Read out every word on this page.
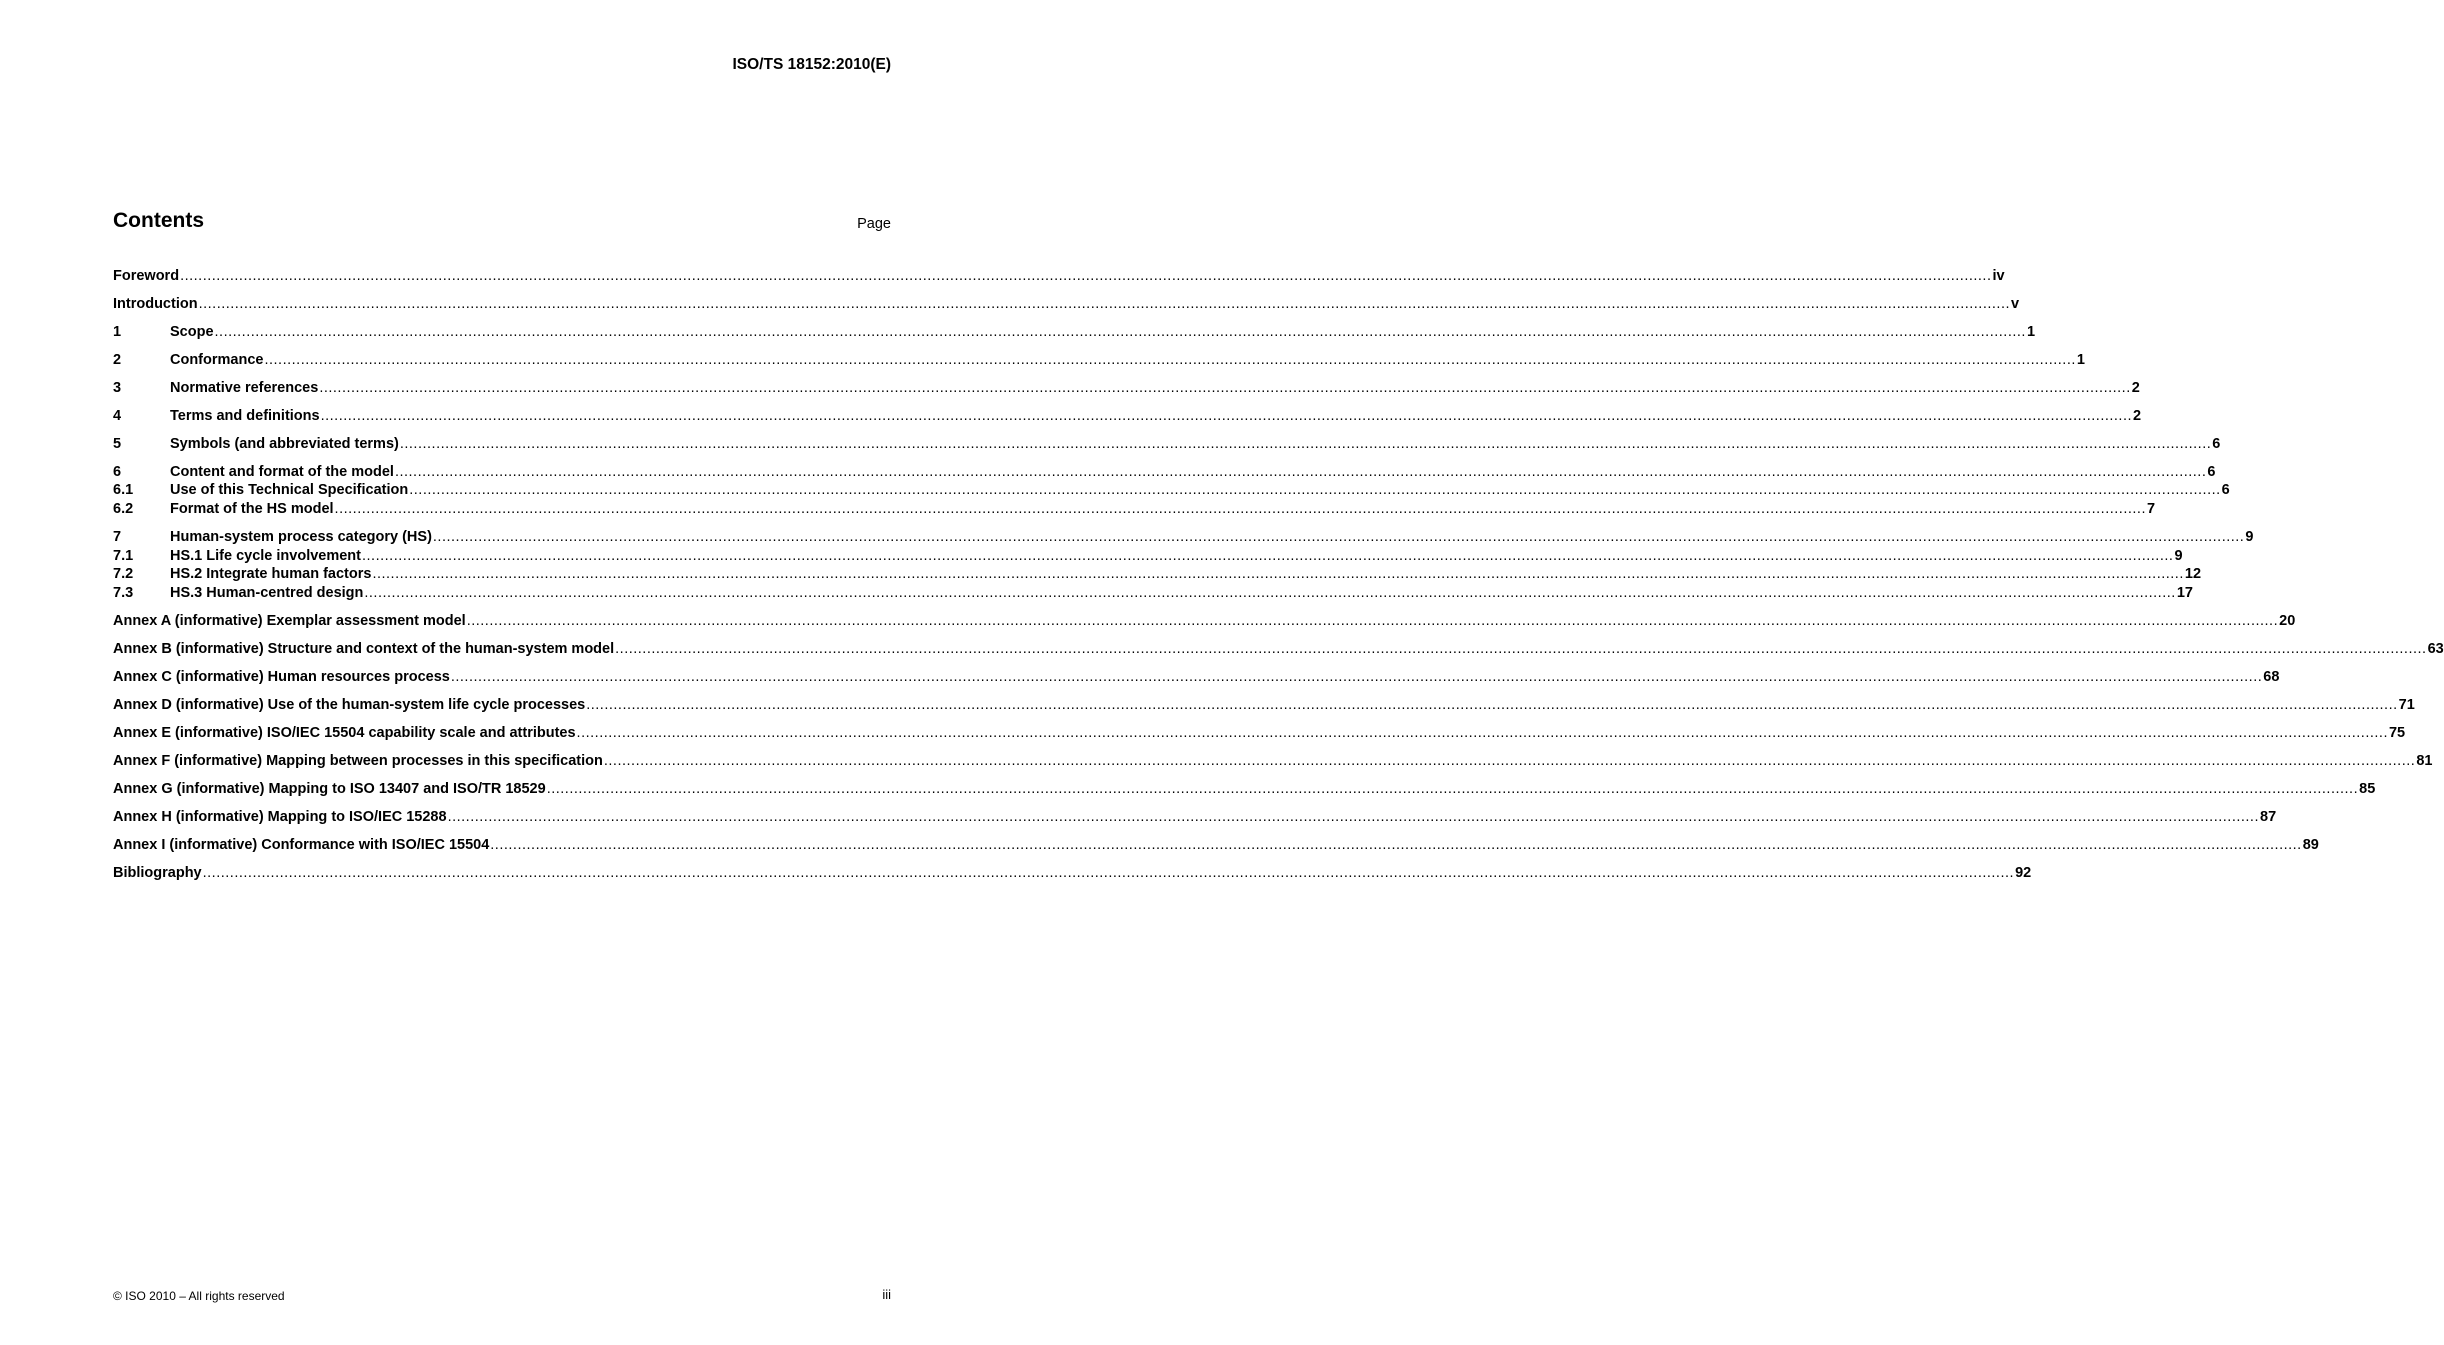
ISO/TS 18152:2010(E)
Contents	Page
Foreword ................................................................................................................................................................................................................................................................................................................................................................................................................ iv
Introduction ................................................................................................................................................................................................................................................................................................................................................................................................................ v
1	Scope ................................................................................................................................................................................................................................................................................................................................................................................................................ 1
2	Conformance ................................................................................................................................................................................................................................................................................................................................................................................................................ 1
3	Normative references ................................................................................................................................................................................................................................................................................................................................................................................................................ 2
4	Terms and definitions ................................................................................................................................................................................................................................................................................................................................................................................................................ 2
5	Symbols (and abbreviated terms) ................................................................................................................................................................................................................................................................................................................................................................................................................ 6
6	Content and format of the model ................................................................................................................................................................................................................................................................................................................................................................................................................ 6
6.1	Use of this Technical Specification ................................................................................................................................................................................................................................................................................................................................................................................................................ 6
6.2	Format of the HS model ................................................................................................................................................................................................................................................................................................................................................................................................................ 7
7	Human-system process category (HS) ................................................................................................................................................................................................................................................................................................................................................................................................................ 9
7.1	HS.1 Life cycle involvement ................................................................................................................................................................................................................................................................................................................................................................................................................ 9
7.2	HS.2 Integrate human factors ................................................................................................................................................................................................................................................................................................................................................................................................................ 12
7.3	HS.3 Human-centred design ................................................................................................................................................................................................................................................................................................................................................................................................................ 17
Annex A (informative) Exemplar assessment model ................................................................................................................................................................................................................................................................................................................................................................................................................ 20
Annex B (informative) Structure and context of the human-system model ................................................................................................................................................................................................................................................................................................................................................................................................................ 63
Annex C (informative) Human resources process ................................................................................................................................................................................................................................................................................................................................................................................................................ 68
Annex D (informative) Use of the human-system life cycle processes ................................................................................................................................................................................................................................................................................................................................................................................................................ 71
Annex E (informative) ISO/IEC 15504 capability scale and attributes ................................................................................................................................................................................................................................................................................................................................................................................................................ 75
Annex F (informative) Mapping between processes in this specification ................................................................................................................................................................................................................................................................................................................................................................................................................ 81
Annex G (informative) Mapping to ISO 13407 and ISO/TR 18529 ................................................................................................................................................................................................................................................................................................................................................................................................................ 85
Annex H (informative) Mapping to ISO/IEC 15288 ................................................................................................................................................................................................................................................................................................................................................................................................................ 87
Annex I (informative) Conformance with ISO/IEC 15504 ................................................................................................................................................................................................................................................................................................................................................................................................................ 89
Bibliography ................................................................................................................................................................................................................................................................................................................................................................................................................ 92
© ISO 2010 – All rights reserved	iii
